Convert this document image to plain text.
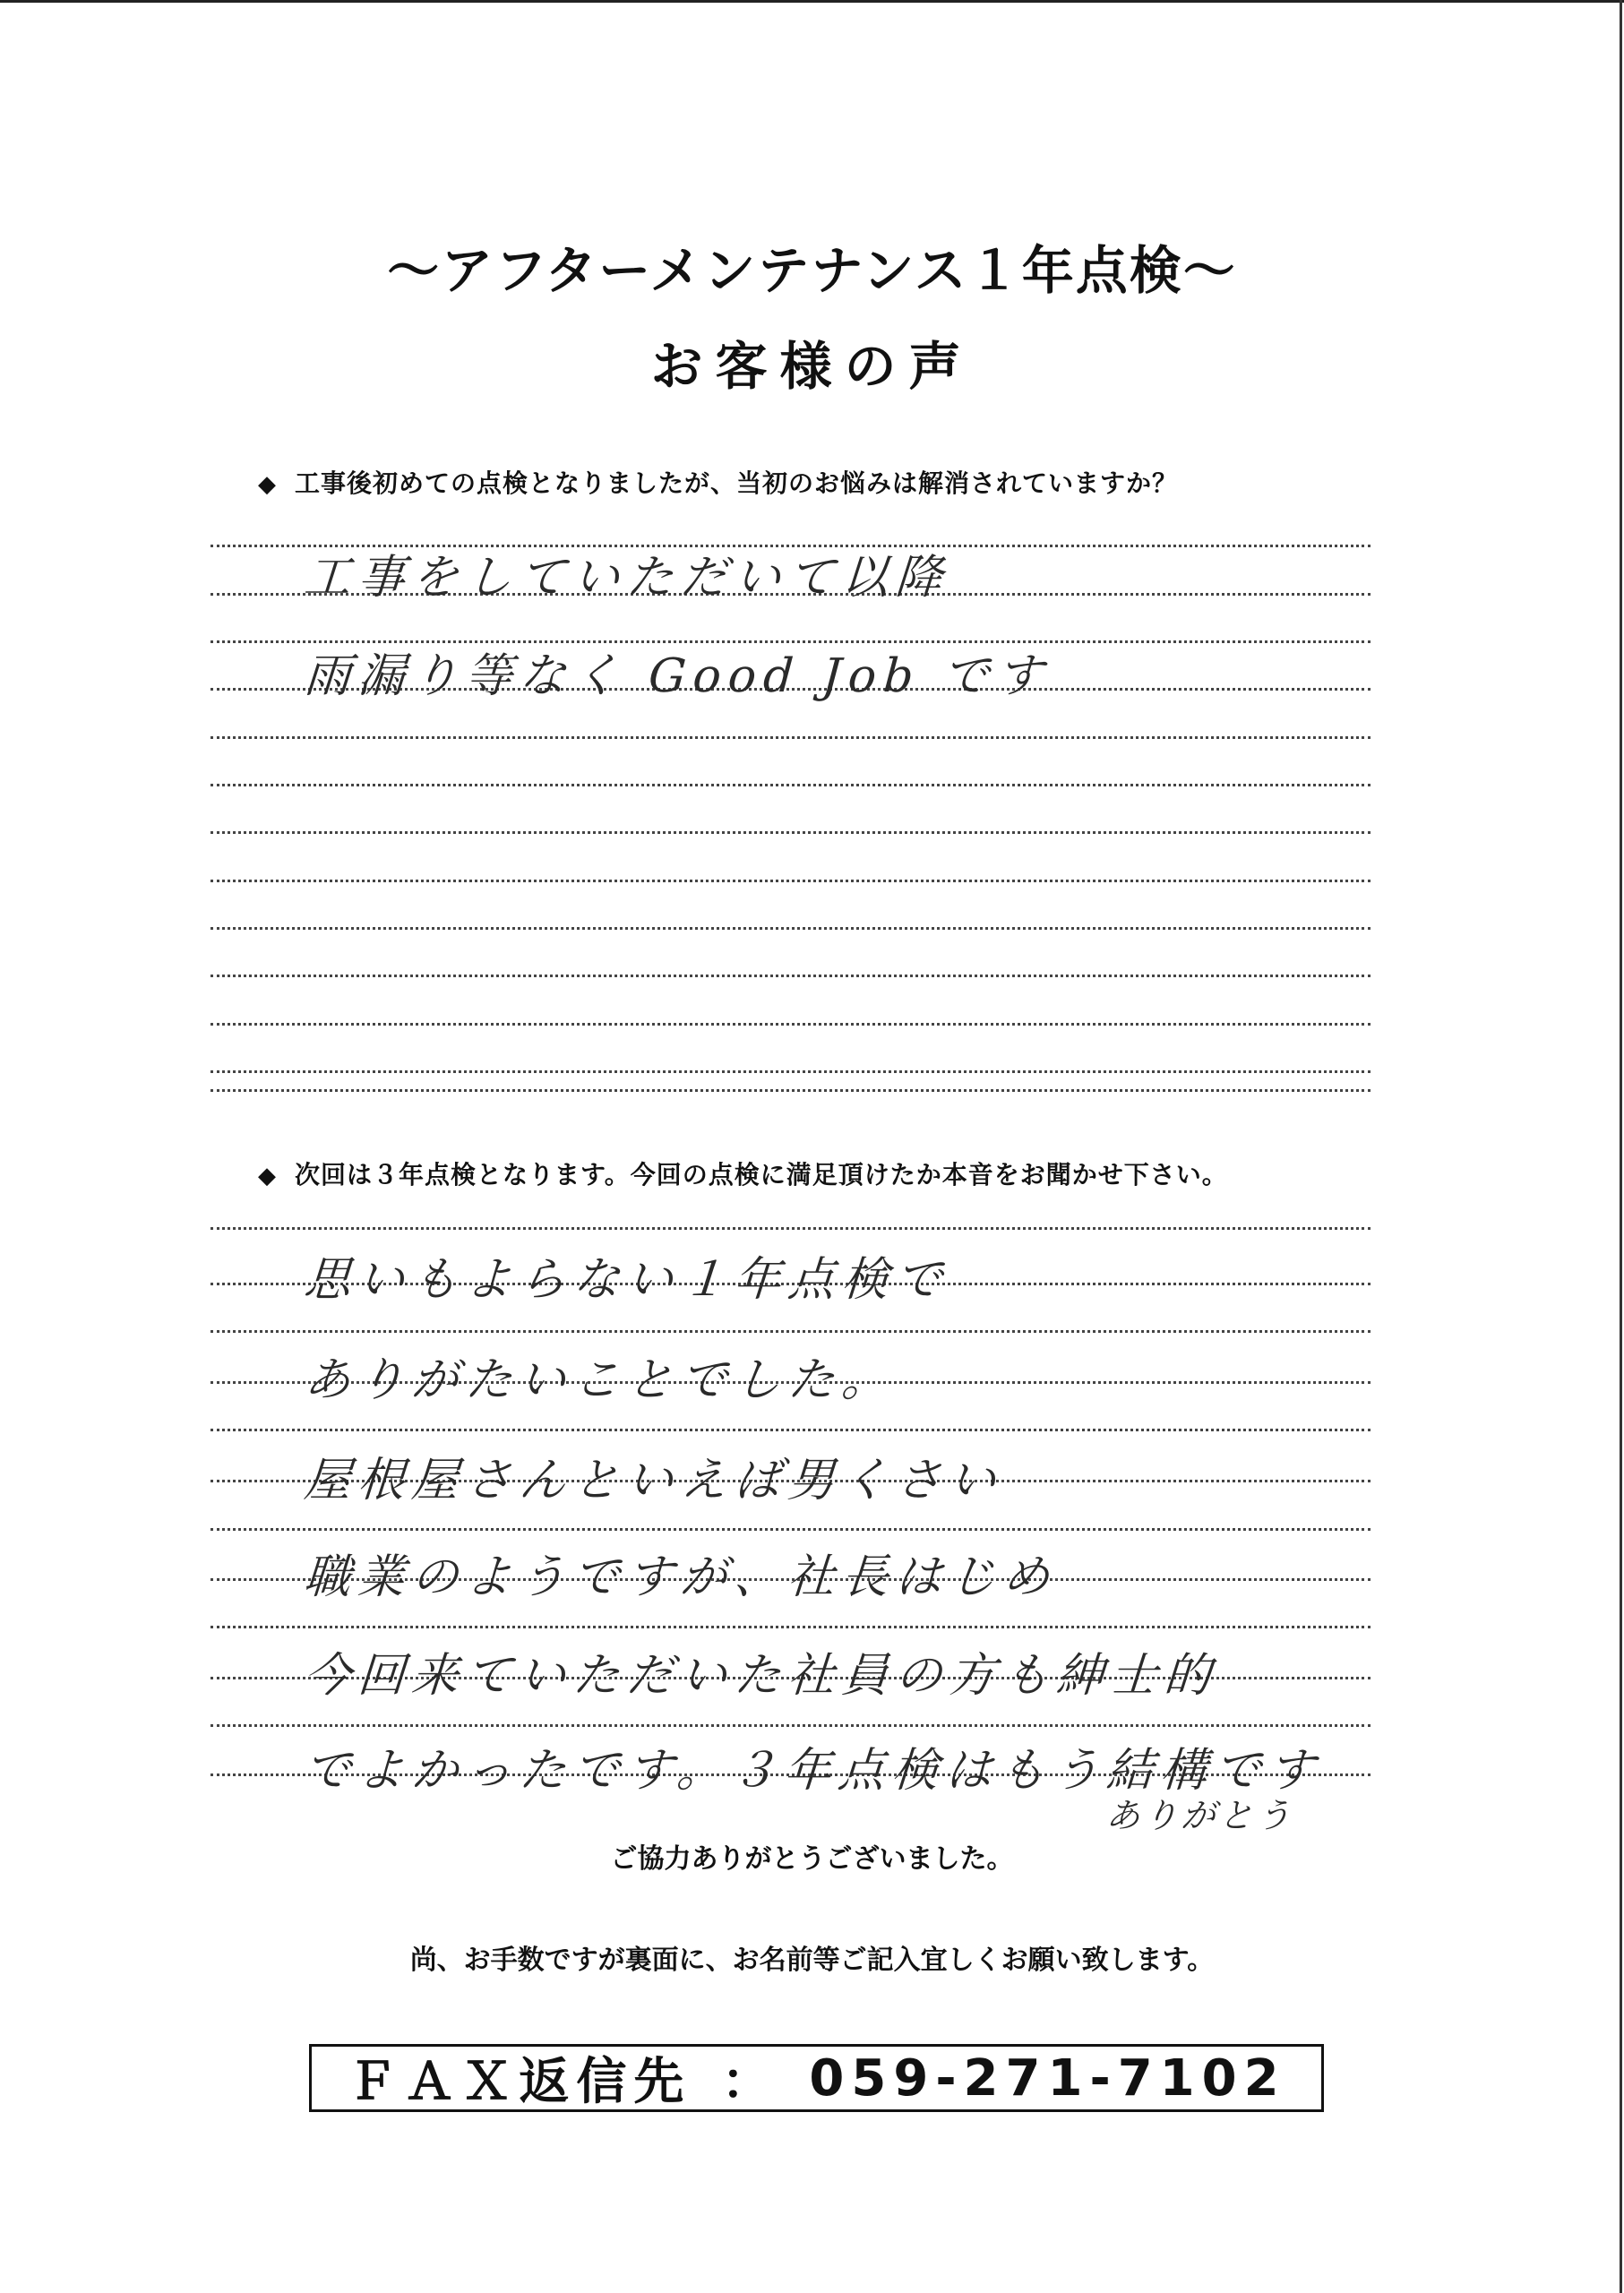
～アフターメンテナンス１年点検～
お客様の声
◆ 工事後初めての点検となりましたが、当初のお悩みは解消されていますか？
工事をしていただいて以降
雨漏り等なく Good Job です
◆ 次回は３年点検となります。今回の点検に満足頂けたか本音をお聞かせ下さい。
思いもよらない１年点検で
ありがたいことでした。
屋根屋さんといえば男くさい
職業のようですが、社長はじめ
今回来ていただいた社員の方も紳士的
でよかったです。３年点検はもう結構です
ありがとう
ご協力ありがとうございました。
尚、お手数ですが裏面に、お名前等ご記入宜しくお願い致します。
ＦＡＸ返信先 ： 059-271-7102
